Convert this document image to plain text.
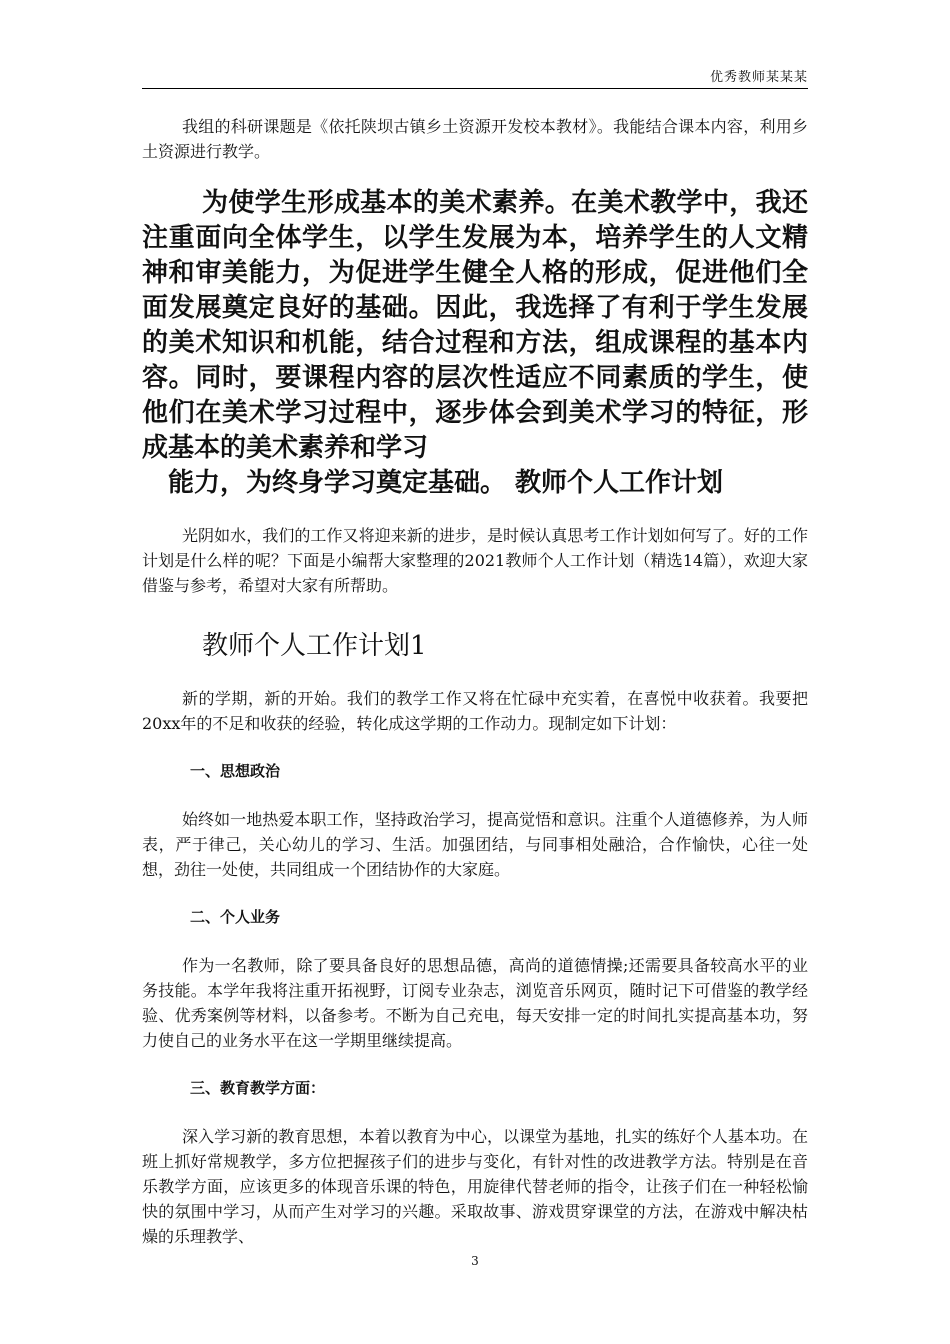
优秀教师某某某

我组的科研课题是《依托陕坝古镇乡土资源开发校本教材》。我能结合课本内容，利用乡土资源进行教学。

为使学生形成基本的美术素养。在美术教学中，我还注重面向全体学生，以学生发展为本，培养学生的人文精神和审美能力，为促进学生健全人格的形成，促进他们全面发展奠定良好的基础。因此，我选择了有利于学生发展的美术知识和机能，结合过程和方法，组成课程的基本内容。同时，要课程内容的层次性适应不同素质的学生，使他们在美术学习过程中，逐步体会到美术学习的特征，形成基本的美术素养和学习
能力，为终身学习奠定基础。 教师个人工作计划

光阴如水，我们的工作又将迎来新的进步，是时候认真思考工作计划如何写了。好的工作计划是什么样的呢？下面是小编帮大家整理的2021教师个人工作计划（精选14篇），欢迎大家借鉴与参考，希望对大家有所帮助。

教师个人工作计划1

新的学期，新的开始。我们的教学工作又将在忙碌中充实着，在喜悦中收获着。我要把20xx年的不足和收获的经验，转化成这学期的工作动力。现制定如下计划：

一、思想政治

始终如一地热爱本职工作，坚持政治学习，提高觉悟和意识。注重个人道德修养，为人师表，严于律己，关心幼儿的学习、生活。加强团结，与同事相处融洽，合作愉快，心往一处想，劲往一处使，共同组成一个团结协作的大家庭。

二、个人业务

作为一名教师，除了要具备良好的思想品德，高尚的道德情操;还需要具备较高水平的业务技能。本学年我将注重开拓视野，订阅专业杂志，浏览音乐网页，随时记下可借鉴的教学经验、优秀案例等材料，以备参考。不断为自己充电，每天安排一定的时间扎实提高基本功，努力使自己的业务水平在这一学期里继续提高。

三、教育教学方面：

深入学习新的教育思想，本着以教育为中心，以课堂为基地，扎实的练好个人基本功。在班上抓好常规教学，多方位把握孩子们的进步与变化，有针对性的改进教学方法。特别是在音乐教学方面，应该更多的体现音乐课的特色，用旋律代替老师的指令，让孩子们在一种轻松愉快的氛围中学习，从而产生对学习的兴趣。采取故事、游戏贯穿课堂的方法，在游戏中解决枯燥的乐理教学、

3
